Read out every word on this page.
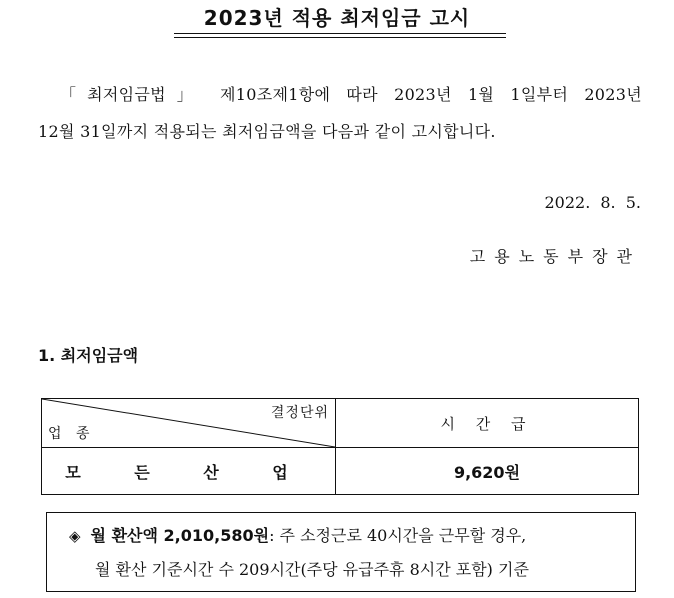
2023년 적용 최저임금 고시
「최저임금법」 제10조제1항에 따라 2023년 1월 1일부터 2023년
12월 31일까지 적용되는 최저임금액을 다음과 같이 고시합니다.
2022. 8. 5.
고용노동부장관
1. 최저임금액
결정단위
업 종	시 간 급
모 든 산 업	9,620원
◈ 월 환산액 2,010,580원: 주 소정근로 40시간을 근무할 경우,
월 환산 기준시간 수 209시간(주당 유급주휴 8시간 포함) 기준
